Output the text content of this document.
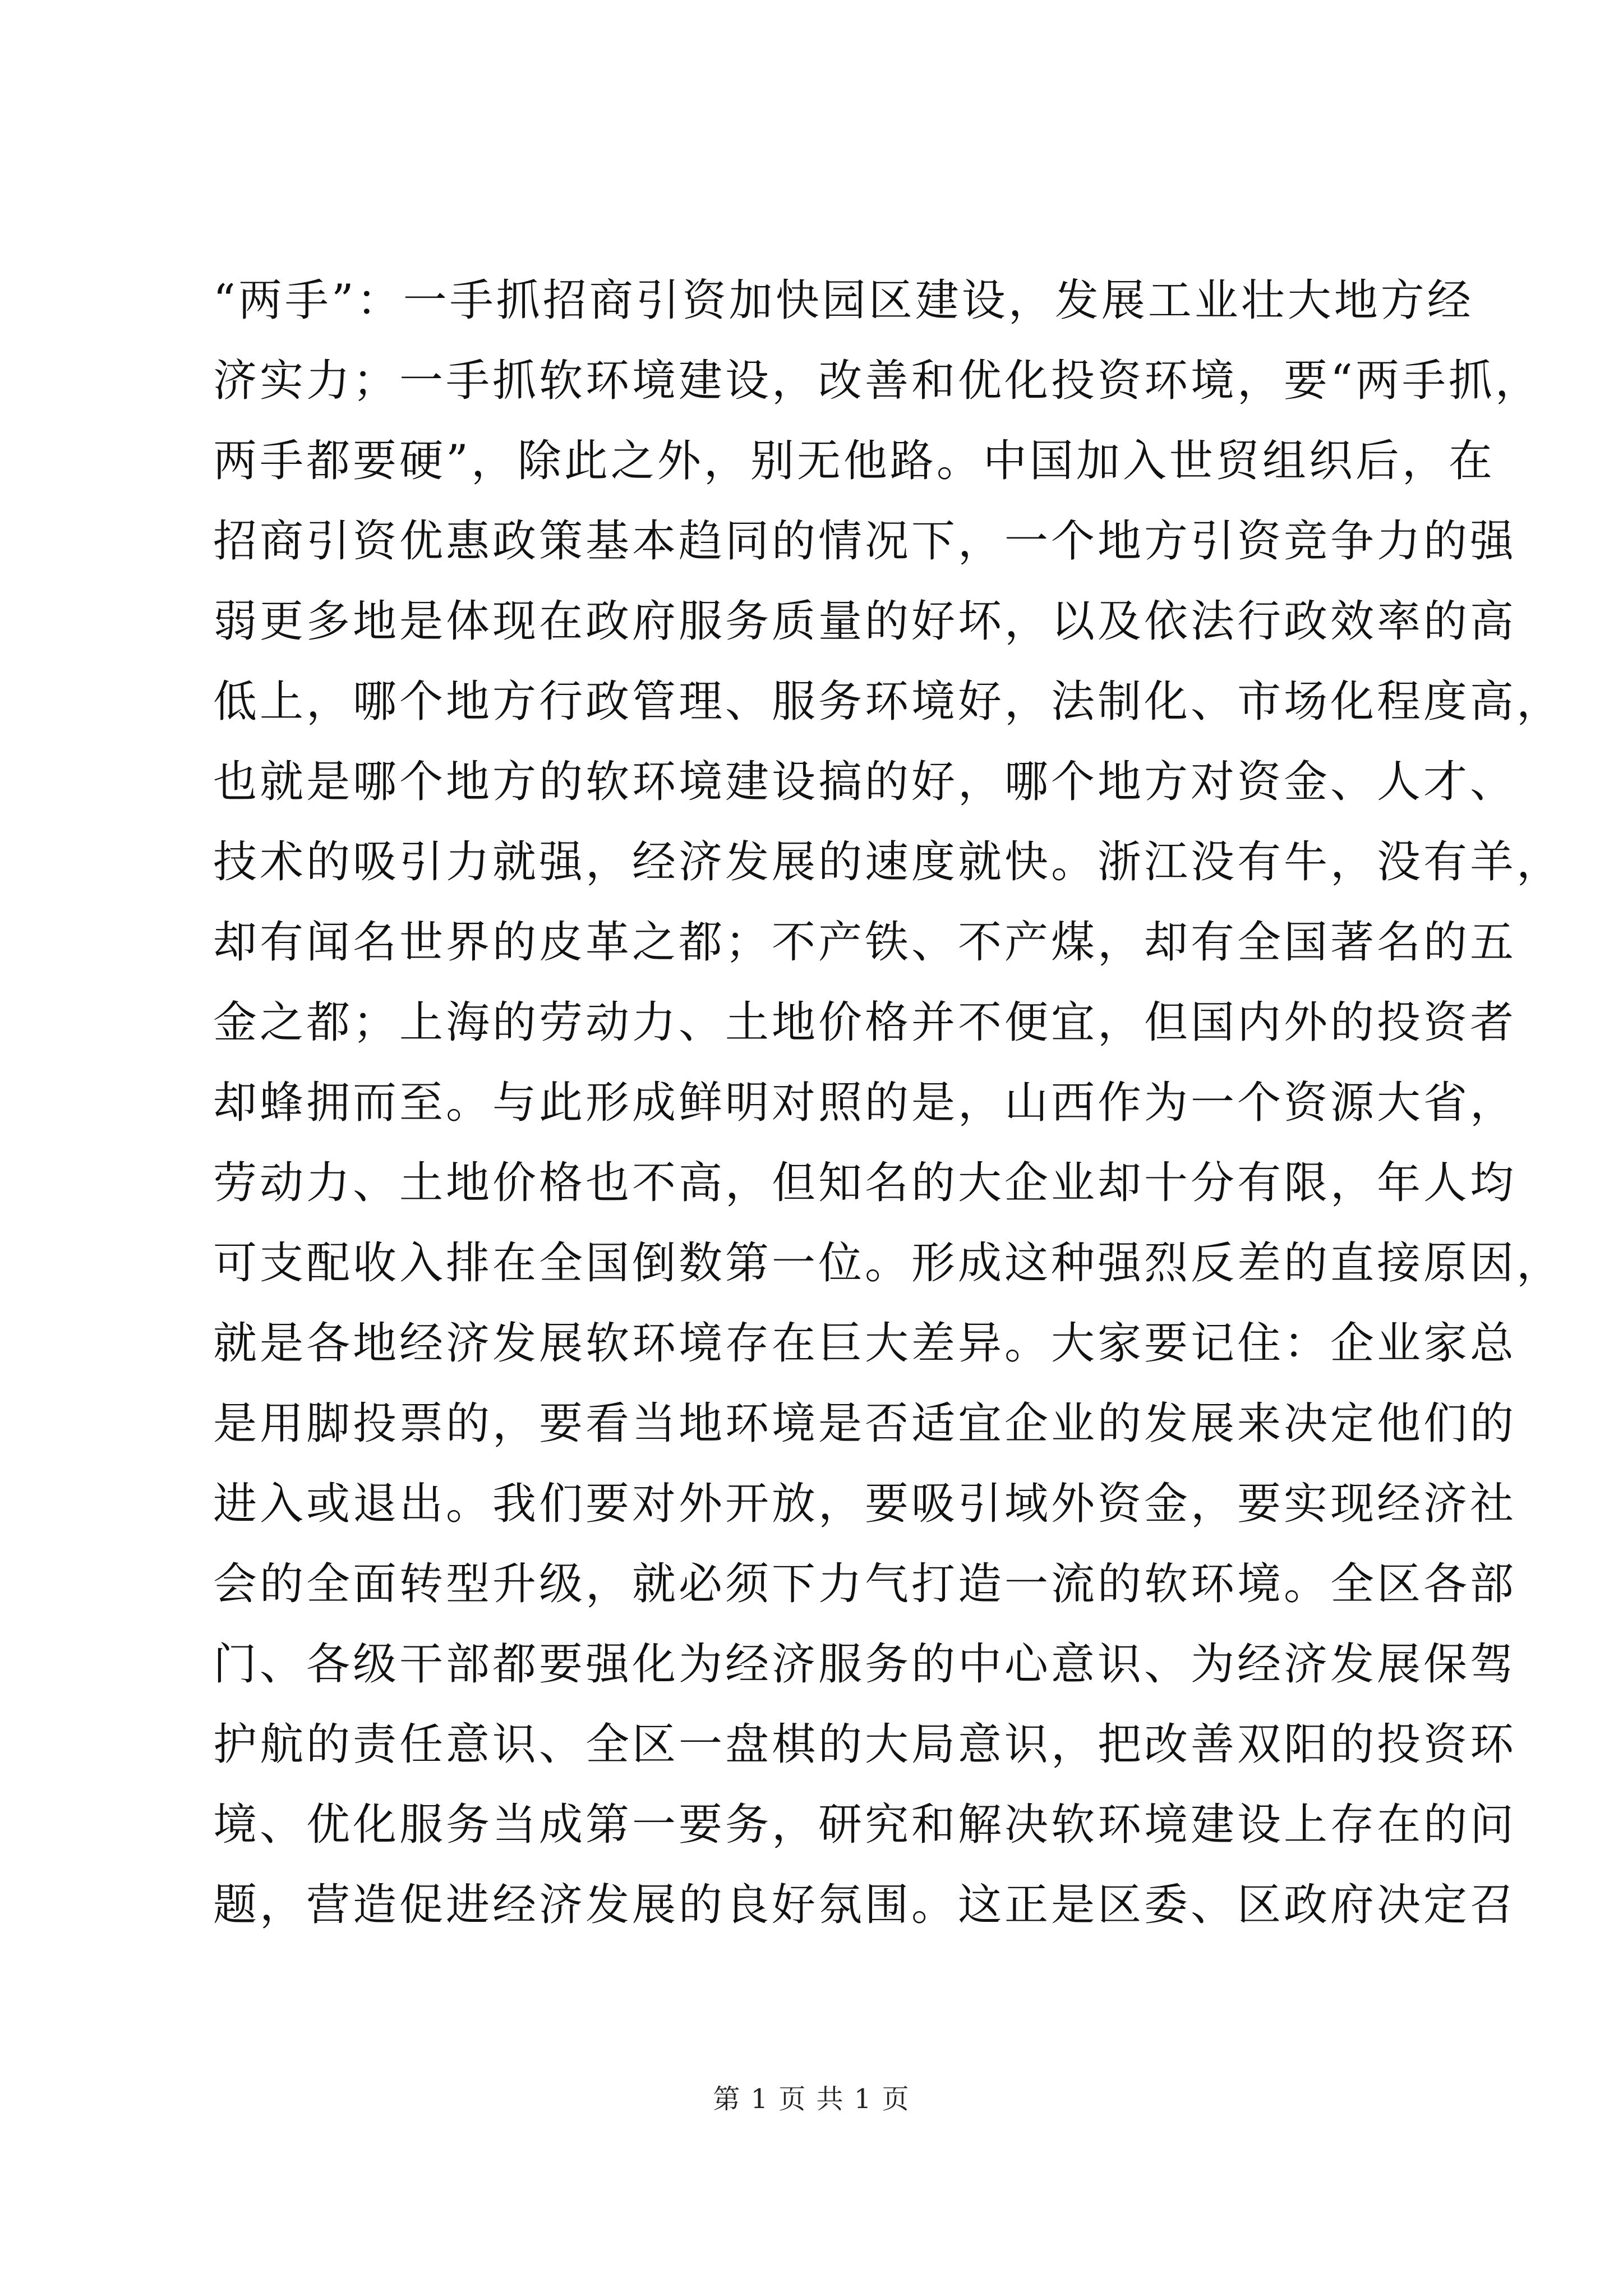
“两手”：一手抓招商引资加快园区建设，发展工业壮大地方经
济实力；一手抓软环境建设，改善和优化投资环境，要“两手抓，
两手都要硬”，除此之外，别无他路。中国加入世贸组织后，在
招商引资优惠政策基本趋同的情况下，一个地方引资竞争力的强
弱更多地是体现在政府服务质量的好坏，以及依法行政效率的高
低上，哪个地方行政管理、服务环境好，法制化、市场化程度高，
也就是哪个地方的软环境建设搞的好，哪个地方对资金、人才、
技术的吸引力就强，经济发展的速度就快。浙江没有牛，没有羊，
却有闻名世界的皮革之都；不产铁、不产煤，却有全国著名的五
金之都；上海的劳动力、土地价格并不便宜，但国内外的投资者
却蜂拥而至。与此形成鲜明对照的是，山西作为一个资源大省，
劳动力、土地价格也不高，但知名的大企业却十分有限，年人均
可支配收入排在全国倒数第一位。形成这种强烈反差的直接原因，
就是各地经济发展软环境存在巨大差异。大家要记住：企业家总
是用脚投票的，要看当地环境是否适宜企业的发展来决定他们的
进入或退出。我们要对外开放，要吸引域外资金，要实现经济社
会的全面转型升级，就必须下力气打造一流的软环境。全区各部
门、各级干部都要强化为经济服务的中心意识、为经济发展保驾
护航的责任意识、全区一盘棋的大局意识，把改善双阳的投资环
境、优化服务当成第一要务，研究和解决软环境建设上存在的问
题，营造促进经济发展的良好氛围。这正是区委、区政府决定召
第 1 页 共 1 页
